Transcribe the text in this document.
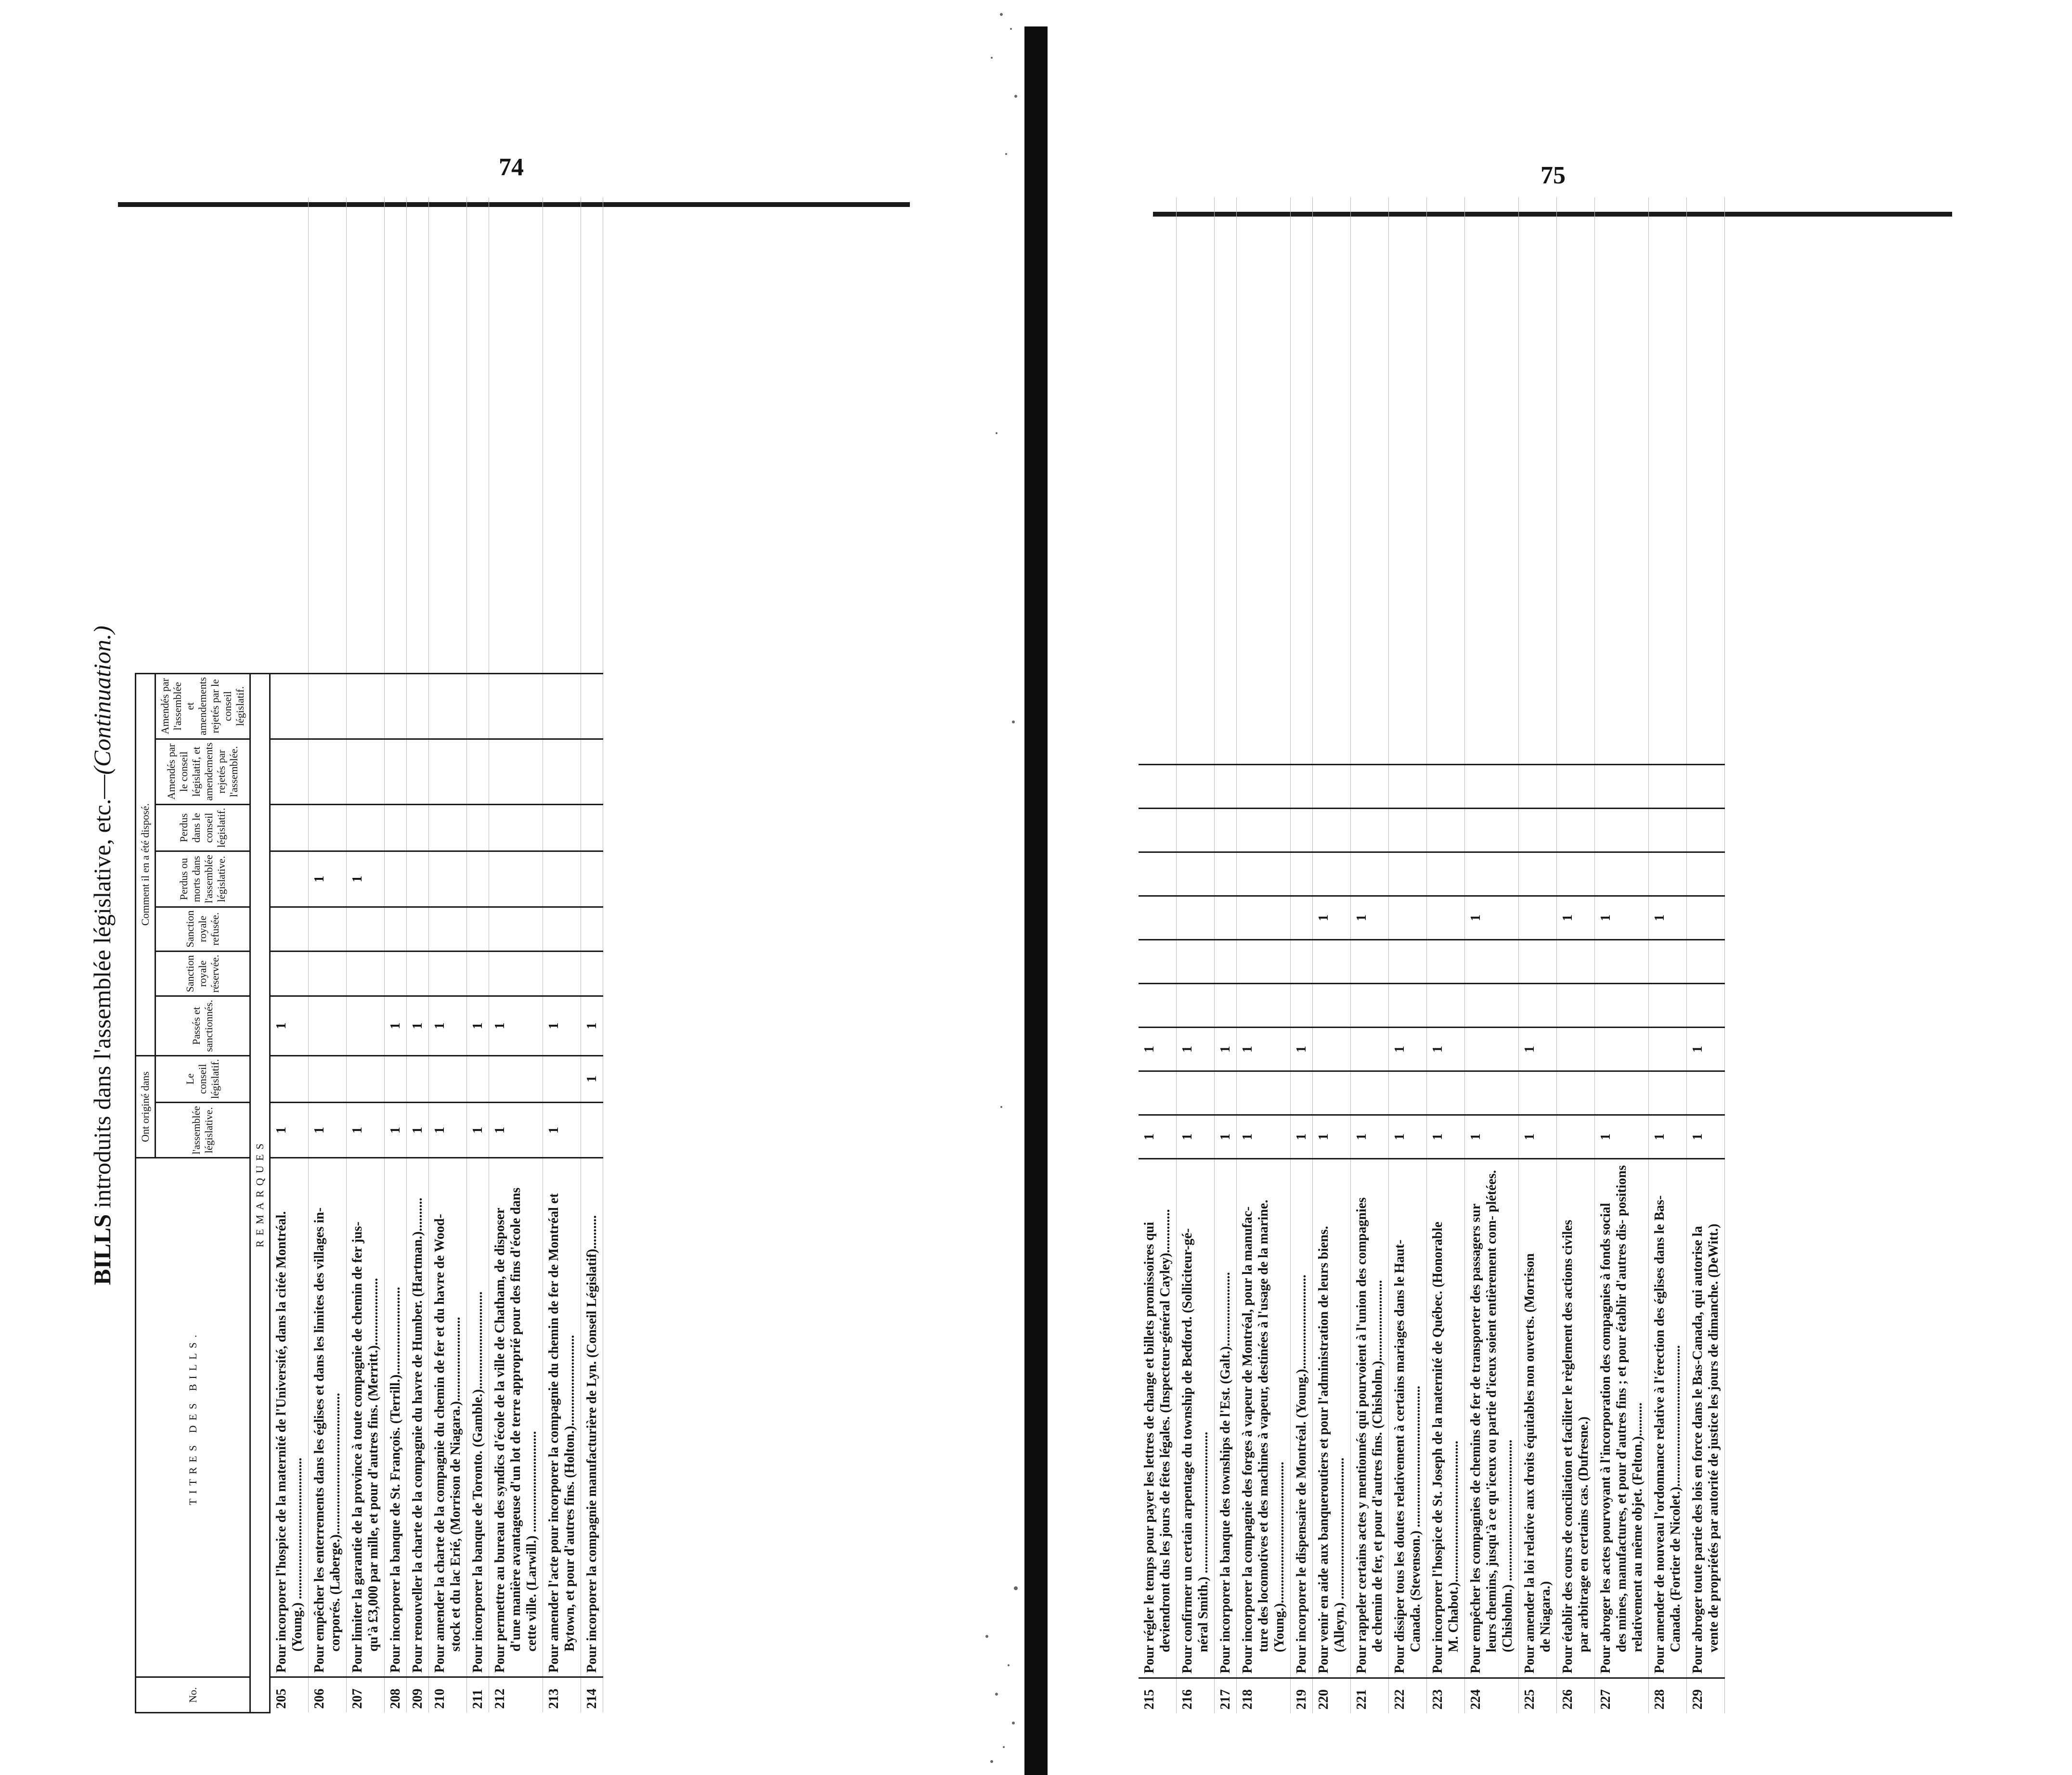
74	75
BILLS introduits dans l'assemblée législative, etc.—(Continuation.)
No.	TITRES DES BILLS.	Ont originé dans		Comment il en a été disposé.							
		l'assemblée législative.	Le conseil législatif.	Passés et sanctionnés.	Sanction royale réservée.	Sanction royale refusée.	Perdus ou morts dans l'assemblée législative.	Perdus dans le conseil législatif.	Amendés par le conseil législatif, et amendements rejetés par l'assemblée.	Amendés par l'assemblée et amendements rejetés par le conseil législatif.	
REMARQUES											
205	Pour incorporer l'hospice de la maternité de l'Université, dans la citée Montréal. (Young.) ..........................................	1		1							
206	Pour empêcher les enterrements dans les églises et dans les limites des villages in- corporés. (Laberge.)..........................................	1					1				
207	Pour limiter la garantie de la province à toute compagnie de chemin de fer jus- qu'à £3,000 par mille, et pour d'autres fins. (Merritt.)....................	1					1				
208	Pour incorporer la banque de St. François. (Terrill.)..........................	1		1							
209	Pour renouveller la charte de la compagnie du havre de Humber. (Hartman.)..........	1		1							
210	Pour amender la charte de la compagnie du chemin de fer et du havre de Wood- stock et du lac Erié, (Morrison de Niagara.).........................	1		1							
211	Pour incorporer la banque de Toronto. (Gamble.).............................	1		1							
212	Pour permettre au bureau des syndics d'école de la ville de Chatham, de disposer d'une manière avantageuse d'un lot de terre approprié pour des fins d'école dans cette ville. (Larwill.) ..............................	1		1							
213	Pour amender l'acte pour incorporer la compagnie du chemin de fer de Montréal et Bytown, et pour d'autres fins. (Holton.)...........................	1		1							
214	Pour incorporer la compagnie manufacturière de Lyn. (Conseil Législatif)..........		1	1							
215	Pour régler le temps pour payer les lettres de change et billets promissoires qui deviendront dus les jours de fêtes légales. (Inspecteur-général Cayley).............	1		1							
216	Pour confirmer un certain arpentage du township de Bedford. (Solliciteur-gé- néral Smith.) ..........................................	1		1							
217	Pour incorporer la banque des townships de l'Est. (Galt.)......................	1		1							
218	Pour incorporer la compagnie des forges à vapeur de Montréal, pour la manufac- ture des locomotives et des machines à vapeur, destinées à l'usage de la marine. (Young.)..........................................	1		1							
219	Pour incorporer le dispensaire de Montréal. (Young.)............................	1		1							
220	Pour venir en aide aux banqueroutiers et pour l'administration de leurs biens. (Alleyn.) ..........................................	1					1				
221	Pour rappeler certains actes y mentionnés qui pourvoient à l'union des compagnies de chemin de fer, et pour d'autres fins. (Chisholm.)........................	1					1				
222	Pour dissiper tous les doutes relativement à certains mariages dans le Haut- Canada. (Stevenson.) ..........................................	1		1							
223	Pour incorporer l'hospice de St. Joseph de la maternité de Québec. (Honorable M. Chabot.)..........................................	1		1							
224	Pour empêcher les compagnies de chemins de fer de transporter des passagers sur leurs chemins, jusqu'à ce qu'iceux ou partie d'iceux soient entièrement com- plétées. (Chisholm.) ..........................................	1					1				
225	Pour amender la loi relative aux droits équitables non ouverts. (Morrison de Niagara.)	1		1							
226	Pour établir des cours de conciliation et faciliter le règlement des actions civiles par arbitrage en certains cas. (Dufresne.)						1				
227	Pour abroger les actes pourvoyant à l'incorporation des compagnies à fonds social des mines, manufactures, et pour d'autres fins ; et pour établir d'autres dis- positions relativement au même objet. (Felton.)..........	1					1				
228	Pour amender de nouveau l'ordonnance relative à l'érection des églises dans le Bas- Canada. (Fortier de Nicolet.)..........................................	1					1				
229	Pour abroger toute partie des lois en force dans le Bas-Canada, qui autorise la vente de propriétés par autorité de justice les jours de dimanche. (DeWitt.)	1		1							
